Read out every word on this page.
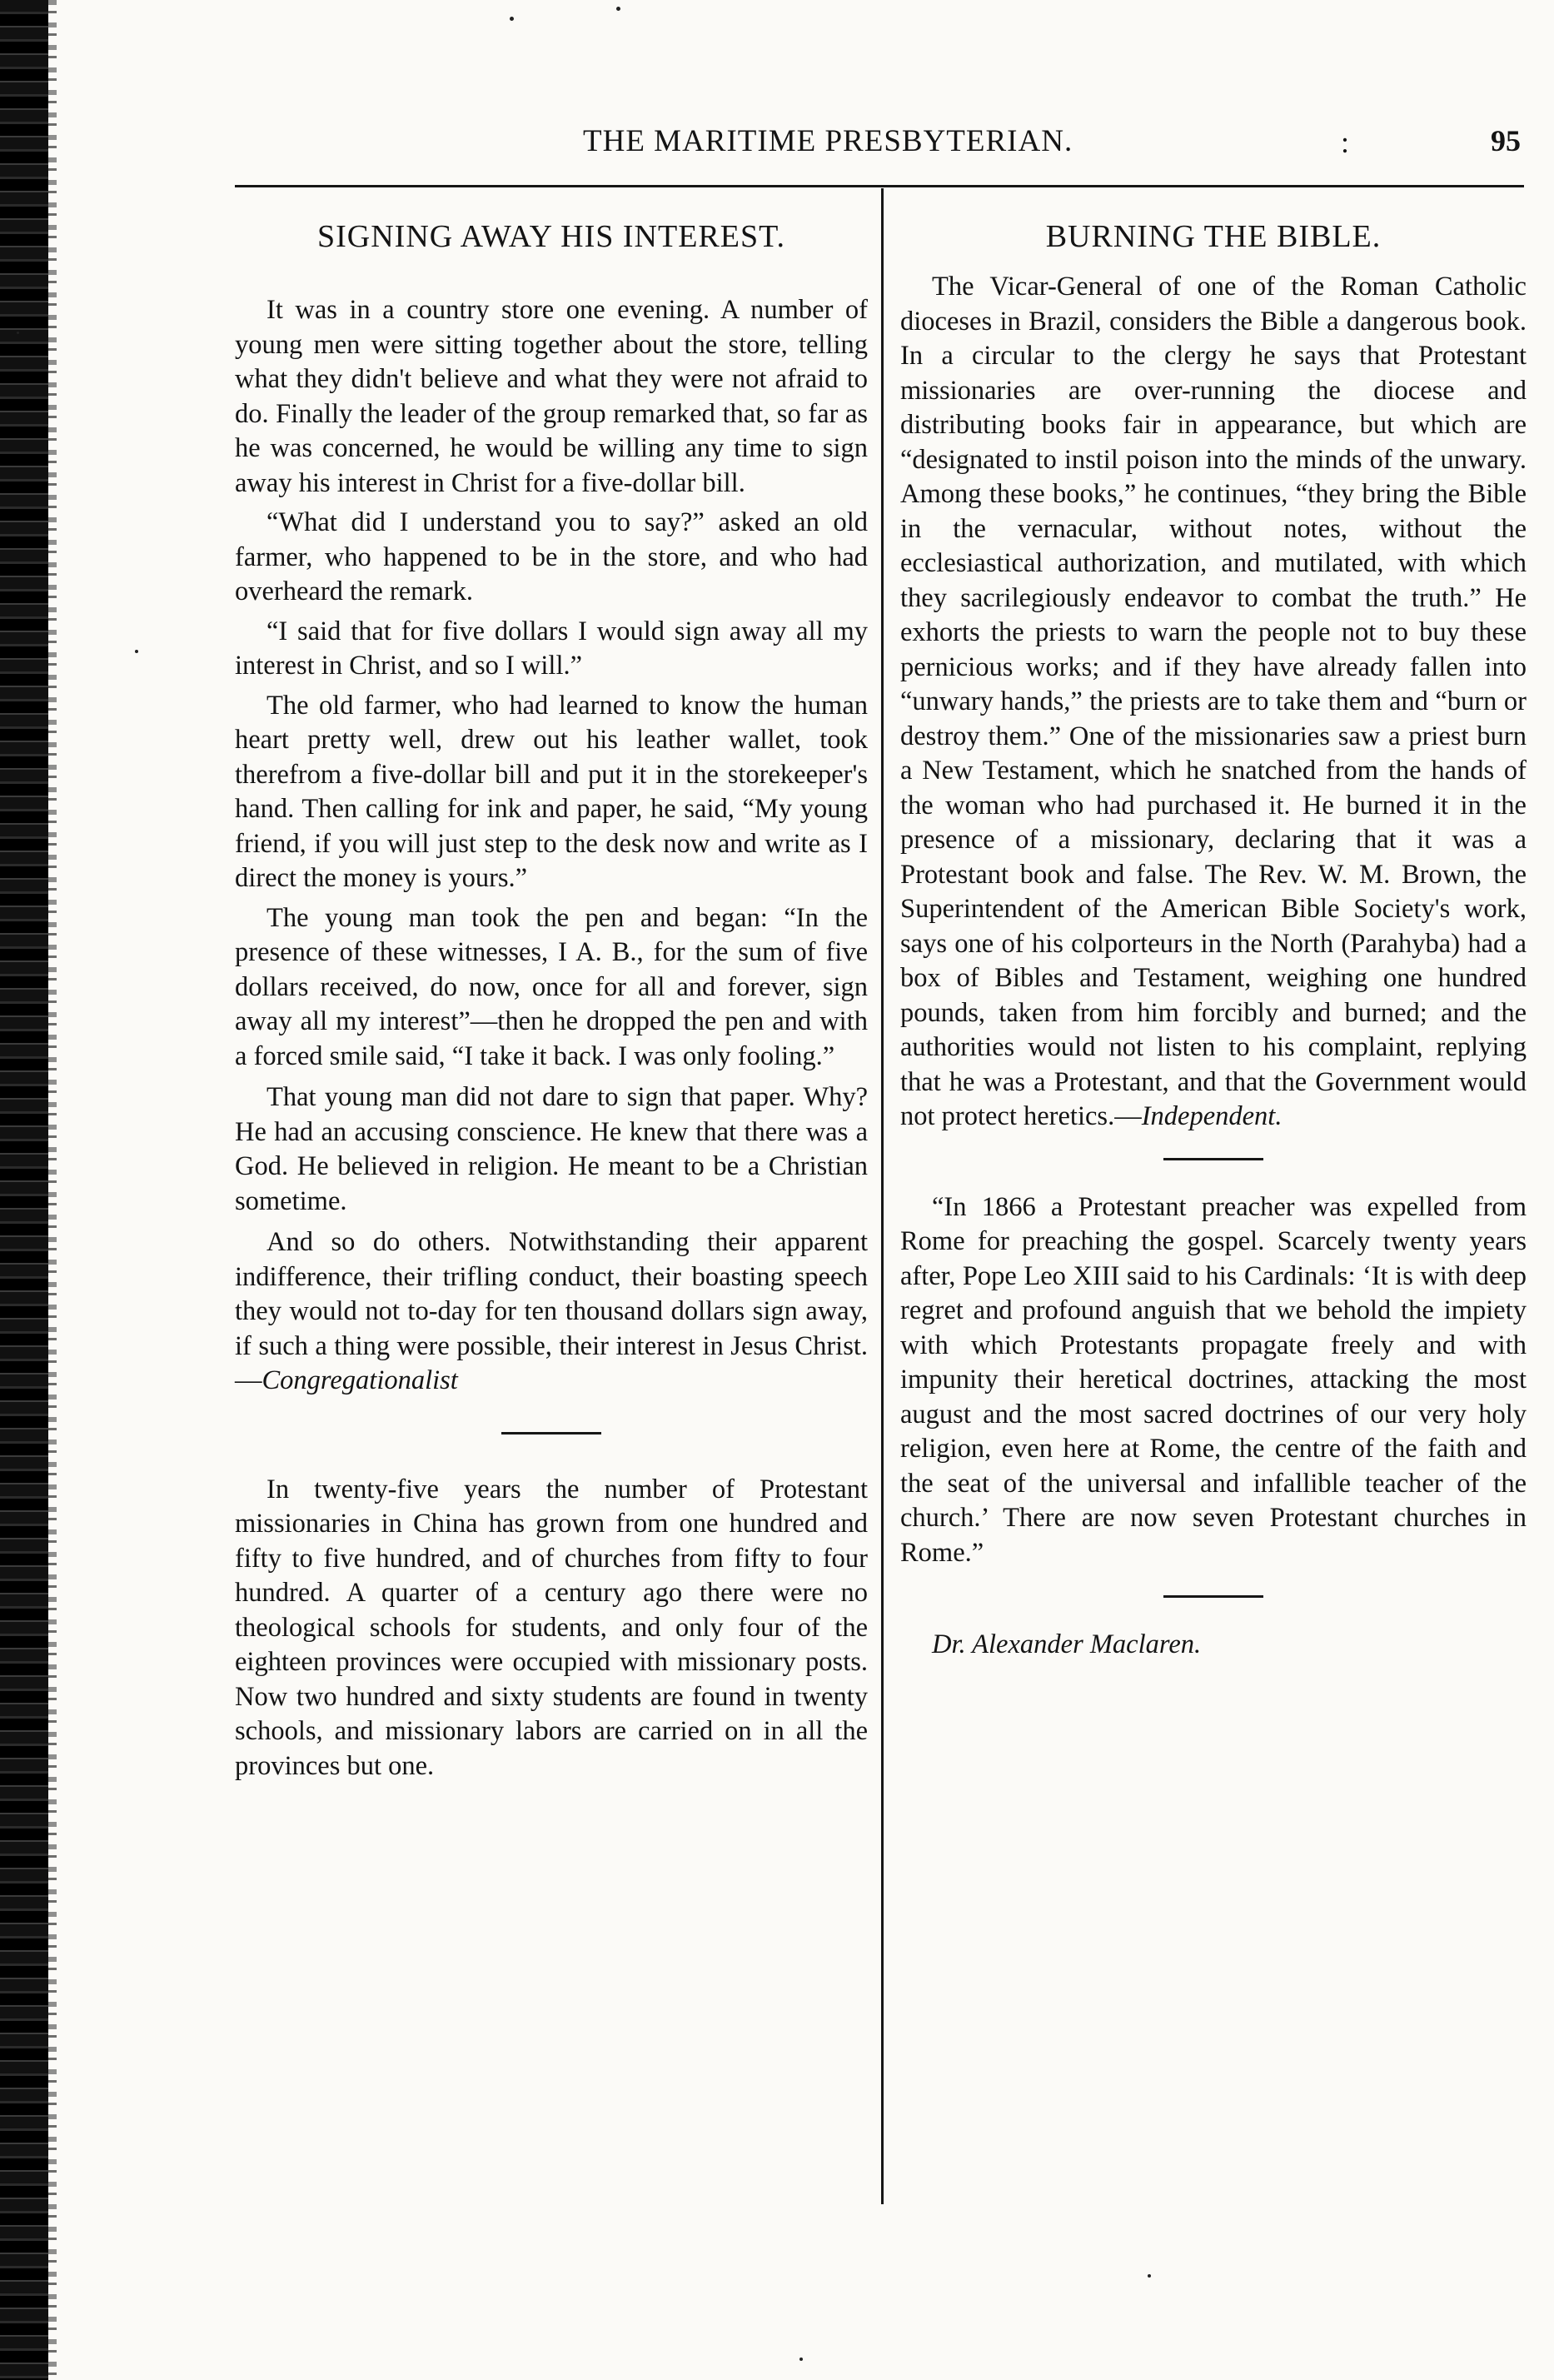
THE MARITIME PRESBYTERIAN.	:	95
SIGNING AWAY HIS INTEREST.

It was in a country store one evening. A number of young men were sitting together about the store, telling what they didn't believe and what they were not afraid to do. Finally the leader of the group remarked that, so far as he was concerned, he would be willing any time to sign away his interest in Christ for a five-dollar bill.

“What did I understand you to say?” asked an old farmer, who happened to be in the store, and who had overheard the remark.

“I said that for five dollars I would sign away all my interest in Christ, and so I will.”

The old farmer, who had learned to know the human heart pretty well, drew out his leather wallet, took therefrom a five-dollar bill and put it in the storekeeper's hand. Then calling for ink and paper, he said, “My young friend, if you will just step to the desk now and write as I direct the money is yours.”

The young man took the pen and began: “In the presence of these witnesses, I A. B., for the sum of five dollars received, do now, once for all and forever, sign away all my interest”—then he dropped the pen and with a forced smile said, “I take it back. I was only fooling.”

That young man did not dare to sign that paper. Why? He had an accusing conscience. He knew that there was a God. He believed in religion. He meant to be a Christian sometime.

And so do others. Notwithstanding their apparent indifference, their trifling conduct, their boasting speech they would not to-day for ten thousand dollars sign away, if such a thing were possible, their interest in Jesus Christ.—Congregationalist

In twenty-five years the number of Protestant missionaries in China has grown from one hundred and fifty to five hundred, and of churches from fifty to four hundred. A quarter of a century ago there were no theological schools for students, and only four of the eighteen provinces were occupied with missionary posts. Now two hundred and sixty students are found in twenty schools, and missionary labors are carried on in all the provinces but one.

BURNING THE BIBLE.

The Vicar-General of one of the Roman Catholic dioceses in Brazil, considers the Bible a dangerous book. In a circular to the clergy he says that Protestant missionaries are over-running the diocese and distributing books fair in appearance, but which are “designated to instil poison into the minds of the unwary. Among these books,” he continues, “they bring the Bible in the vernacular, without notes, without the ecclesiastical authorization, and mutilated, with which they sacrilegiously endeavor to combat the truth.” He exhorts the priests to warn the people not to buy these pernicious works; and if they have already fallen into “unwary hands,” the priests are to take them and “burn or destroy them.” One of the missionaries saw a priest burn a New Testament, which he snatched from the hands of the woman who had purchased it. He burned it in the presence of a missionary, declaring that it was a Protestant book and false. The Rev. W. M. Brown, the Superintendent of the American Bible Society's work, says one of his colporteurs in the North (Parahyba) had a box of Bibles and Testament, weighing one hundred pounds, taken from him forcibly and burned; and the authorities would not listen to his complaint, replying that he was a Protestant, and that the Government would not protect heretics.—Independent.

“In 1866 a Protestant preacher was expelled from Rome for preaching the gospel. Scarcely twenty years after, Pope Leo XIII said to his Cardinals: ‘It is with deep regret and profound anguish that we behold the impiety with which Protestants propagate freely and with impunity their heretical doctrines, attacking the most august and the most sacred doctrines of our very holy religion, even here at Rome, the centre of the faith and the seat of the universal and infallible teacher of the church.’ There are now seven Protestant churches in Rome.”

Dr. Alexander Maclaren.
